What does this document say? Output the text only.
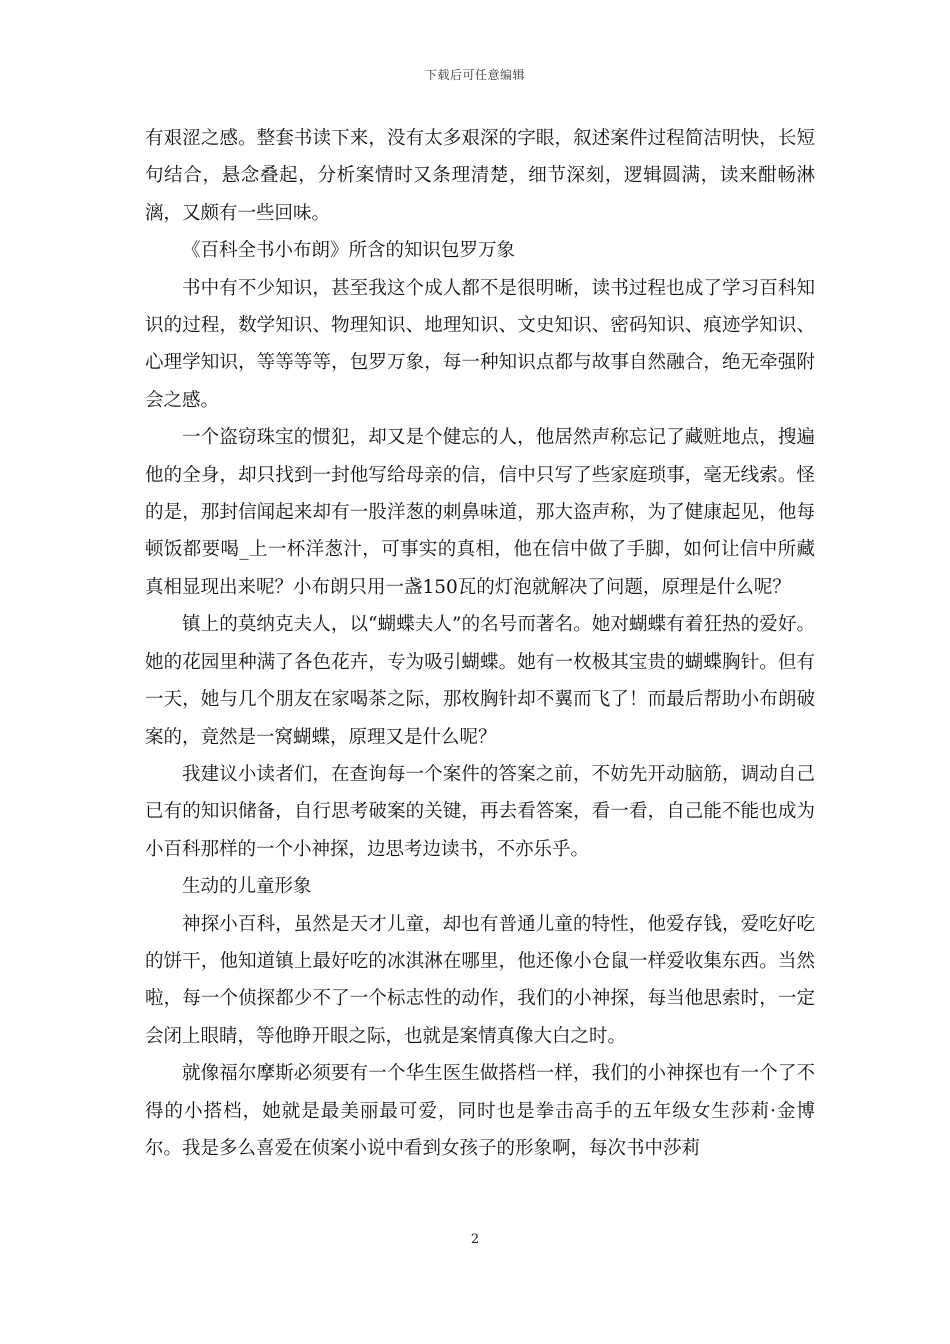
下载后可任意编辑

有艰涩之感。整套书读下来，没有太多艰深的字眼，叙述案件过程简洁明快，长短句结合，悬念叠起，分析案情时又条理清楚，细节深刻，逻辑圆满，读来酣畅淋漓，又颇有一些回味。

《百科全书小布朗》所含的知识包罗万象

书中有不少知识，甚至我这个成人都不是很明晰，读书过程也成了学习百科知识的过程，数学知识、物理知识、地理知识、文史知识、密码知识、痕迹学知识、心理学知识，等等等等，包罗万象，每一种知识点都与故事自然融合，绝无牵强附会之感。

一个盗窃珠宝的惯犯，却又是个健忘的人，他居然声称忘记了藏赃地点，搜遍他的全身，却只找到一封他写给母亲的信，信中只写了些家庭琐事，毫无线索。怪的是，那封信闻起来却有一股洋葱的刺鼻味道，那大盗声称，为了健康起见，他每顿饭都要喝_上一杯洋葱汁，可事实的真相，他在信中做了手脚，如何让信中所藏真相显现出来呢？小布朗只用一盏150瓦的灯泡就解决了问题，原理是什么呢？

镇上的莫纳克夫人，以“蝴蝶夫人”的名号而著名。她对蝴蝶有着狂热的爱好。她的花园里种满了各色花卉，专为吸引蝴蝶。她有一枚极其宝贵的蝴蝶胸针。但有一天，她与几个朋友在家喝茶之际，那枚胸针却不翼而飞了！而最后帮助小布朗破案的，竟然是一窝蝴蝶，原理又是什么呢？

我建议小读者们，在查询每一个案件的答案之前，不妨先开动脑筋，调动自己已有的知识储备，自行思考破案的关键，再去看答案，看一看，自己能不能也成为小百科那样的一个小神探，边思考边读书，不亦乐乎。

生动的儿童形象

神探小百科，虽然是天才儿童，却也有普通儿童的特性，他爱存钱，爱吃好吃的饼干，他知道镇上最好吃的冰淇淋在哪里，他还像小仓鼠一样爱收集东西。当然啦，每一个侦探都少不了一个标志性的动作，我们的小神探，每当他思索时，一定会闭上眼睛，等他睁开眼之际，也就是案情真像大白之时。

就像福尔摩斯必须要有一个华生医生做搭档一样，我们的小神探也有一个了不得的小搭档，她就是最美丽最可爱，同时也是拳击高手的五年级女生莎莉·金博尔。我是多么喜爱在侦案小说中看到女孩子的形象啊，每次书中莎莉

2
